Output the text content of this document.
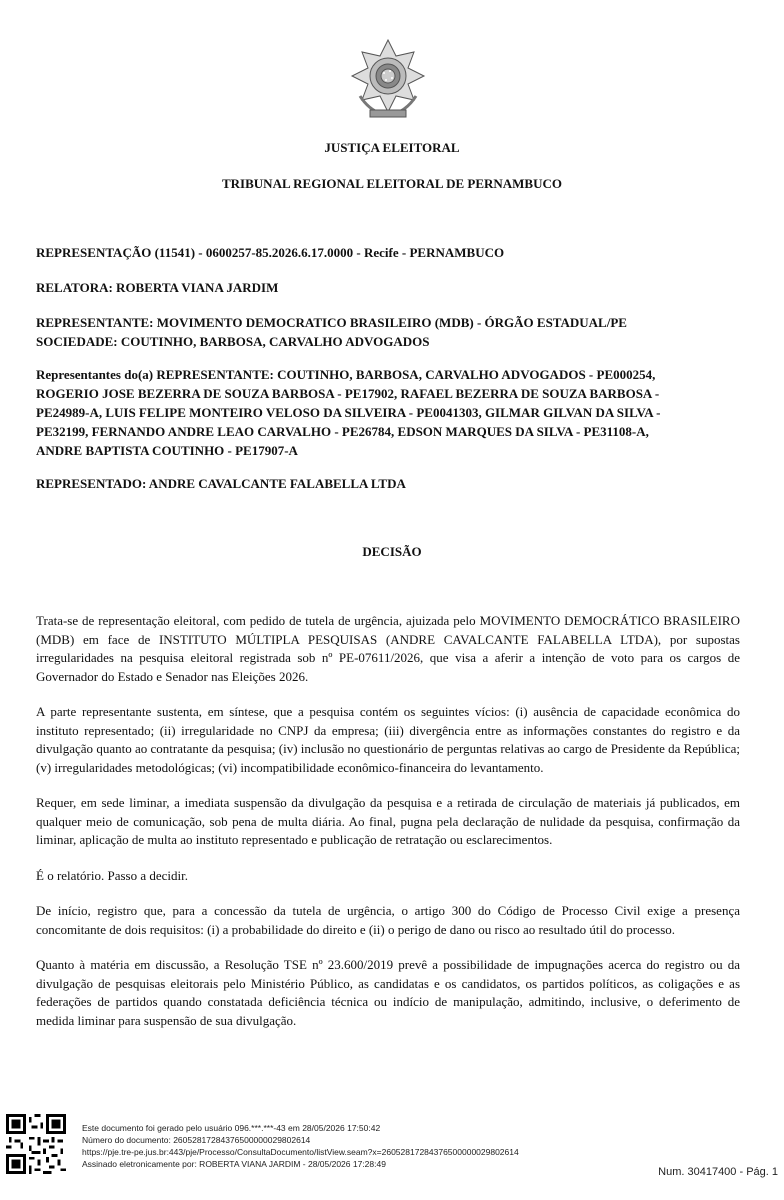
JUSTIÇA ELEITORAL
TRIBUNAL REGIONAL ELEITORAL DE PERNAMBUCO
REPRESENTAÇÃO (11541) - 0600257-85.2026.6.17.0000 - Recife - PERNAMBUCO
RELATORA: ROBERTA VIANA JARDIM
REPRESENTANTE: MOVIMENTO DEMOCRATICO BRASILEIRO (MDB) - ÓRGÃO ESTADUAL/PE
SOCIEDADE: COUTINHO, BARBOSA, CARVALHO ADVOGADOS
Representantes do(a) REPRESENTANTE: COUTINHO, BARBOSA, CARVALHO ADVOGADOS - PE000254,
ROGERIO JOSE BEZERRA DE SOUZA BARBOSA - PE17902, RAFAEL BEZERRA DE SOUZA BARBOSA -
PE24989-A, LUIS FELIPE MONTEIRO VELOSO DA SILVEIRA - PE0041303, GILMAR GILVAN DA SILVA -
PE32199, FERNANDO ANDRE LEAO CARVALHO - PE26784, EDSON MARQUES DA SILVA - PE31108-A,
ANDRE BAPTISTA COUTINHO - PE17907-A
REPRESENTADO: ANDRE CAVALCANTE FALABELLA LTDA
DECISÃO

Trata-se de representação eleitoral, com pedido de tutela de urgência, ajuizada pelo MOVIMENTO DEMOCRÁTICO BRASILEIRO (MDB) em face de INSTITUTO MÚLTIPLA PESQUISAS (ANDRE CAVALCANTE FALABELLA LTDA), por supostas irregularidades na pesquisa eleitoral registrada sob nº PE-07611/2026, que visa a aferir a intenção de voto para os cargos de Governador do Estado e Senador nas Eleições 2026.

A parte representante sustenta, em síntese, que a pesquisa contém os seguintes vícios: (i) ausência de capacidade econômica do instituto representado; (ii) irregularidade no CNPJ da empresa; (iii) divergência entre as informações constantes do registro e da divulgação quanto ao contratante da pesquisa; (iv) inclusão no questionário de perguntas relativas ao cargo de Presidente da República; (v) irregularidades metodológicas; (vi) incompatibilidade econômico-financeira do levantamento.

Requer, em sede liminar, a imediata suspensão da divulgação da pesquisa e a retirada de circulação de materiais já publicados, em qualquer meio de comunicação, sob pena de multa diária. Ao final, pugna pela declaração de nulidade da pesquisa, confirmação da liminar, aplicação de multa ao instituto representado e publicação de retratação ou esclarecimentos.

É o relatório. Passo a decidir.

De início, registro que, para a concessão da tutela de urgência, o artigo 300 do Código de Processo Civil exige a presença concomitante de dois requisitos: (i) a probabilidade do direito e (ii) o perigo de dano ou risco ao resultado útil do processo.

Quanto à matéria em discussão, a Resolução TSE nº 23.600/2019 prevê a possibilidade de impugnações acerca do registro ou da divulgação de pesquisas eleitorais pelo Ministério Público, as candidatas e os candidatos, os partidos políticos, as coligações e as federações de partidos quando constatada deficiência técnica ou indício de manipulação, admitindo, inclusive, o deferimento de medida liminar para suspensão de sua divulgação.

Este documento foi gerado pelo usuário 096.***.***-43 em 28/05/2026 17:50:42
Número do documento: 26052817284376500000029802614
https://pje.tre-pe.jus.br:443/pje/Processo/ConsultaDocumento/listView.seam?x=26052817284376500000029802614
Assinado eletronicamente por: ROBERTA VIANA JARDIM - 28/05/2026 17:28:49
Num. 30417400 - Pág. 1
